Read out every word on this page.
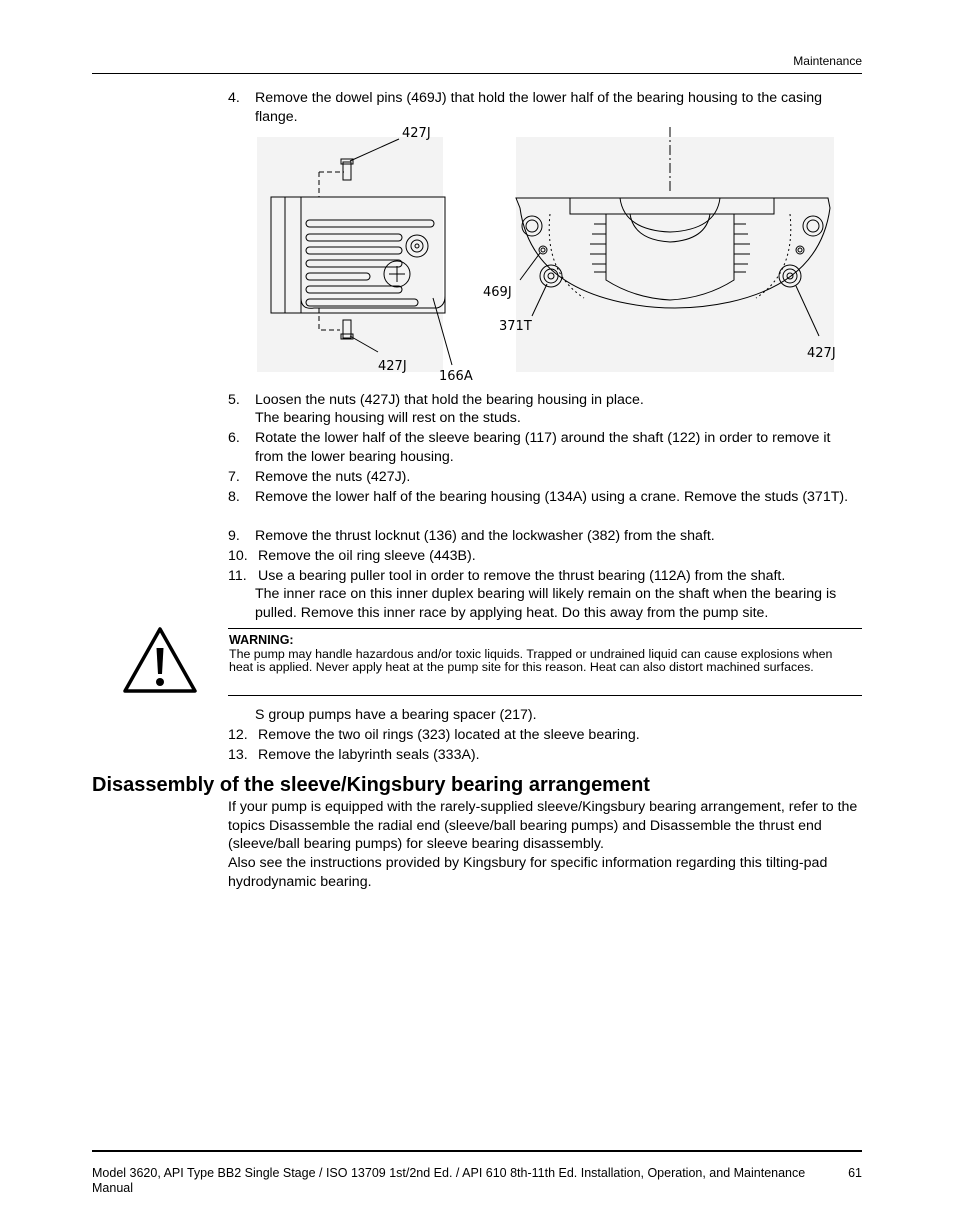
Maintenance
4. Remove the dowel pins (469J) that hold the lower half of the bearing housing to the casing flange.
427J
427J
166A
469J
371T
427J
5. Loosen the nuts (427J) that hold the bearing housing in place.
The bearing housing will rest on the studs.
6. Rotate the lower half of the sleeve bearing (117) around the shaft (122) in order to remove it from the lower bearing housing.
7. Remove the nuts (427J).
8. Remove the lower half of the bearing housing (134A) using a crane. Remove the studs (371T).
9. Remove the thrust locknut (136) and the lockwasher (382) from the shaft.
10. Remove the oil ring sleeve (443B).
11. Use a bearing puller tool in order to remove the thrust bearing (112A) from the shaft.
The inner race on this inner duplex bearing will likely remain on the shaft when the bearing is pulled. Remove this inner race by applying heat. Do this away from the pump site.
WARNING:
The pump may handle hazardous and/or toxic liquids. Trapped or undrained liquid can cause explosions when heat is applied. Never apply heat at the pump site for this reason. Heat can also distort machined surfaces.
S group pumps have a bearing spacer (217).
12. Remove the two oil rings (323) located at the sleeve bearing.
13. Remove the labyrinth seals (333A).
Disassembly of the sleeve/Kingsbury bearing arrangement
If your pump is equipped with the rarely-supplied sleeve/Kingsbury bearing arrangement, refer to the topics Disassemble the radial end (sleeve/ball bearing pumps) and Disassemble the thrust end (sleeve/ball bearing pumps) for sleeve bearing disassembly.
Also see the instructions provided by Kingsbury for specific information regarding this tilting-pad hydrodynamic bearing.
Model 3620, API Type BB2 Single Stage / ISO 13709 1st/2nd Ed. / API 610 8th-11th Ed. Installation, Operation, and Maintenance Manual
61
